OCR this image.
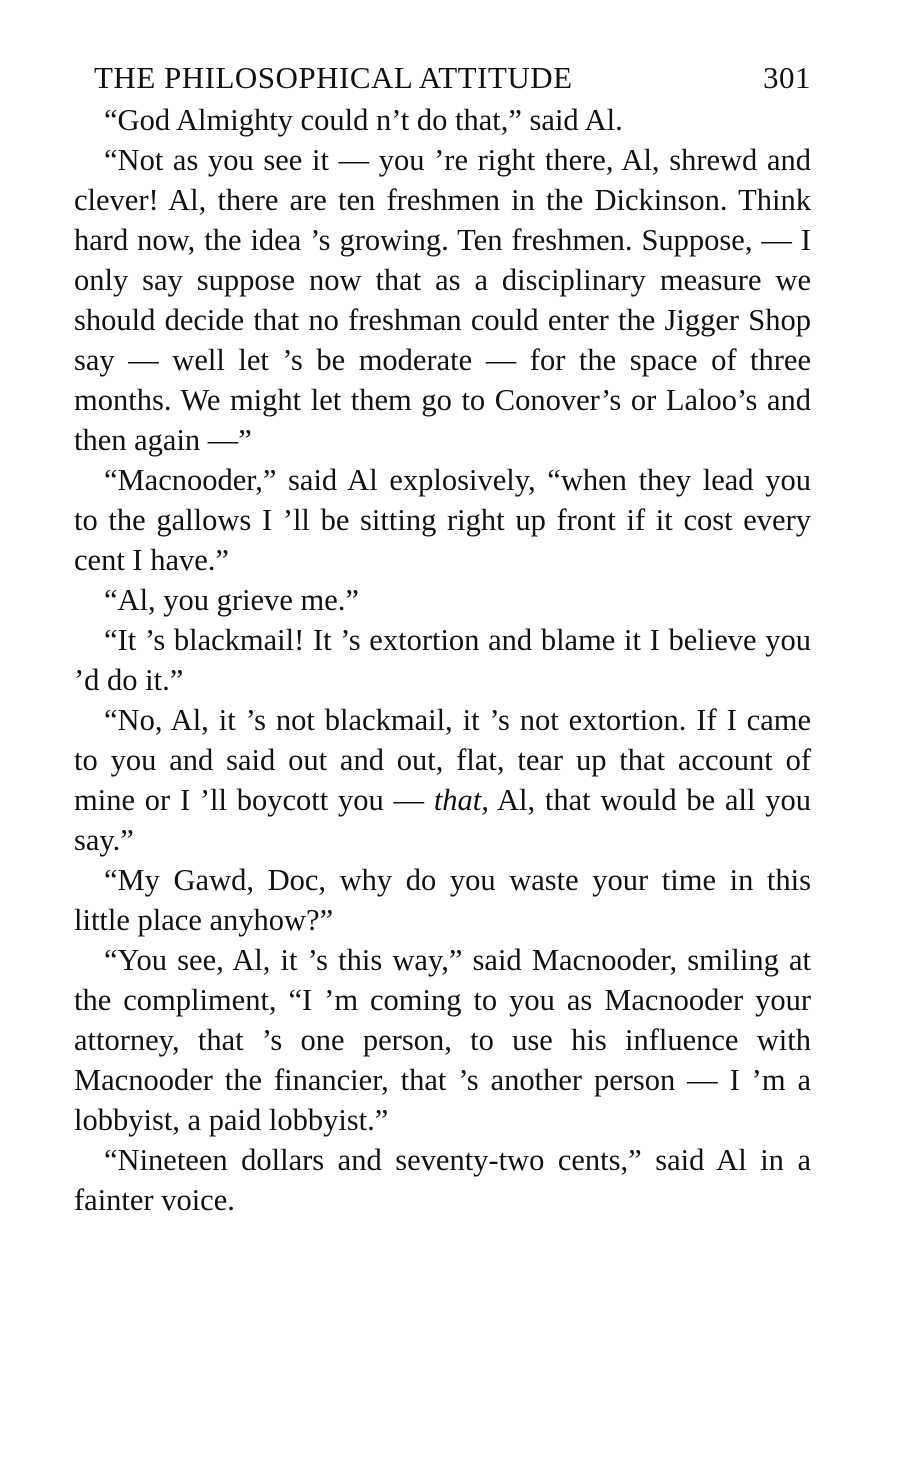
THE PHILOSOPHICAL ATTITUDE	301

“God Almighty could n’t do that,” said Al.

“Not as you see it — you ’re right there, Al, shrewd and clever! Al, there are ten freshmen in the Dickinson. Think hard now, the idea ’s growing. Ten freshmen. Suppose, — I only say suppose now that as a disciplinary measure we should decide that no freshman could enter the Jigger Shop say — well let ’s be moderate — for the space of three months. We might let them go to Conover’s or Laloo’s and then again —”

“Macnooder,” said Al explosively, “when they lead you to the gallows I ’ll be sitting right up front if it cost every cent I have.”

“Al, you grieve me.”

“It ’s blackmail! It ’s extortion and blame it I believe you ’d do it.”

“No, Al, it ’s not blackmail, it ’s not extortion. If I came to you and said out and out, flat, tear up that account of mine or I ’ll boycott you — that, Al, that would be all you say.”

“My Gawd, Doc, why do you waste your time in this little place anyhow?”

“You see, Al, it ’s this way,” said Macnooder, smiling at the compliment, “I ’m coming to you as Macnooder your attorney, that ’s one person, to use his influence with Macnooder the financier, that ’s another person — I ’m a lobbyist, a paid lobbyist.”

“Nineteen dollars and seventy-two cents,” said Al in a fainter voice.
